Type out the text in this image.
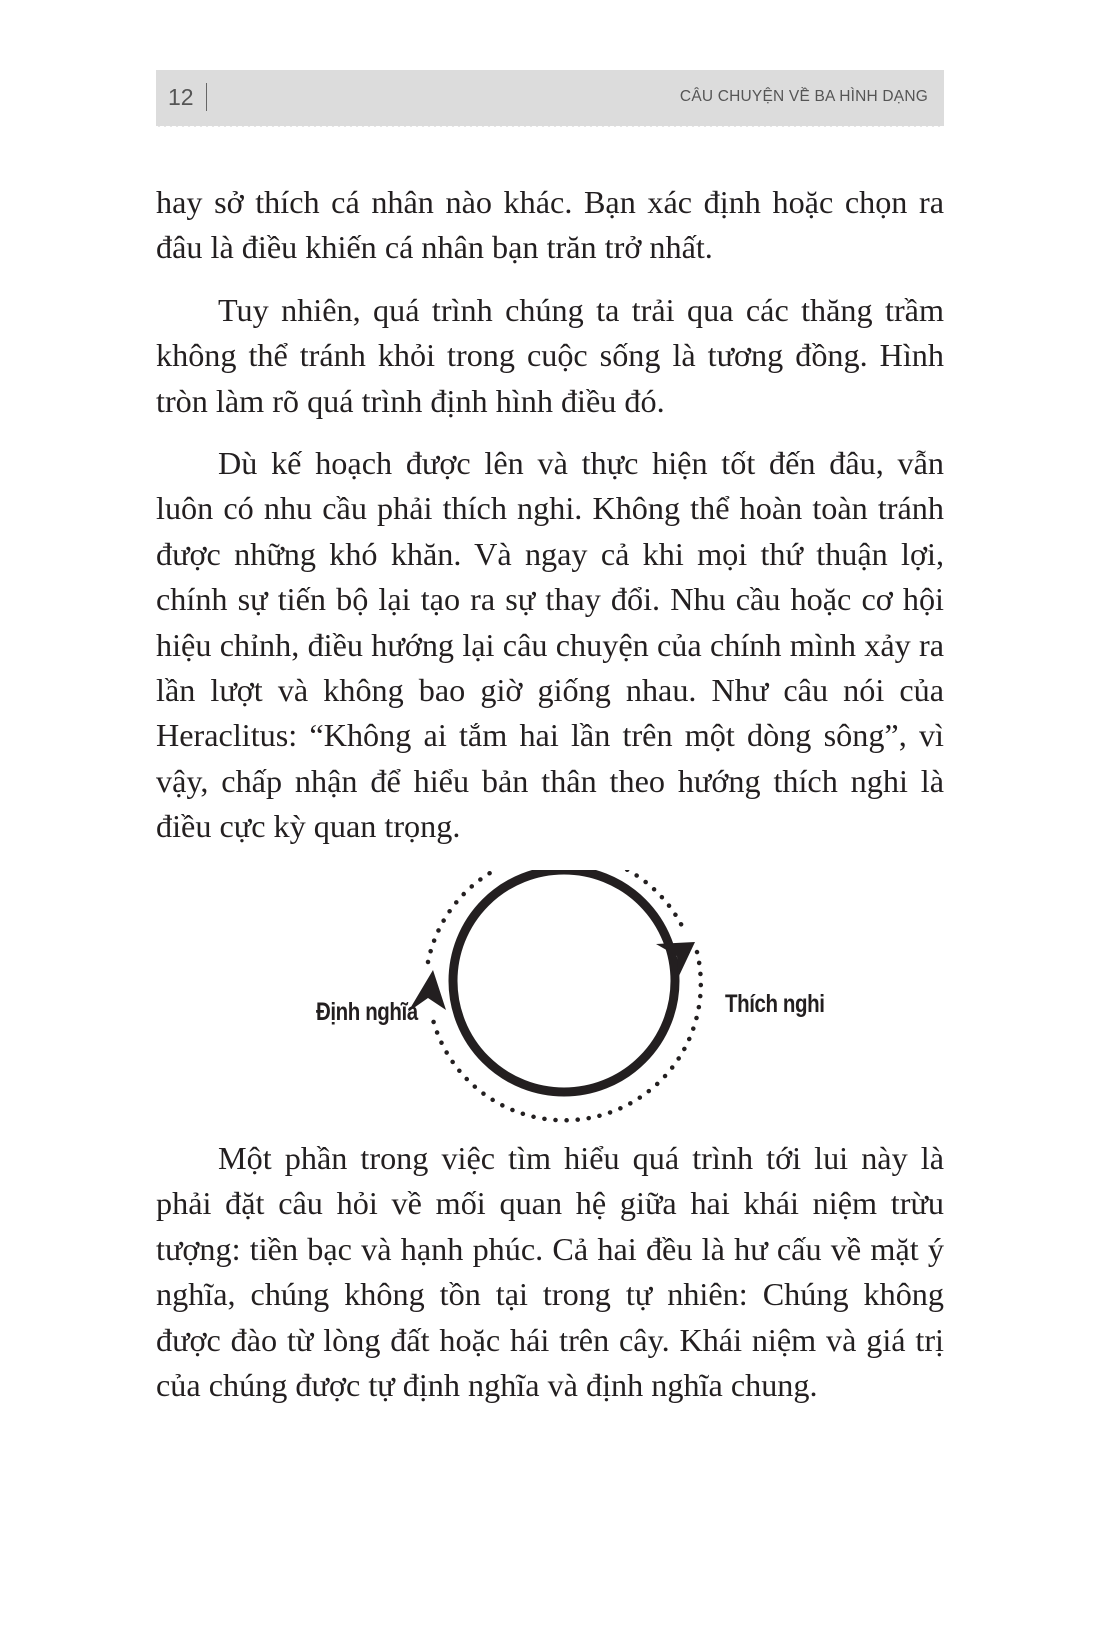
12	CÂU CHUYỆN VỀ BA HÌNH DẠNG

hay sở thích cá nhân nào khác. Bạn xác định hoặc chọn ra đâu là điều khiến cá nhân bạn trăn trở nhất.

Tuy nhiên, quá trình chúng ta trải qua các thăng trầm không thể tránh khỏi trong cuộc sống là tương đồng. Hình tròn làm rõ quá trình định hình điều đó.

Dù kế hoạch được lên và thực hiện tốt đến đâu, vẫn luôn có nhu cầu phải thích nghi. Không thể hoàn toàn tránh được những khó khăn. Và ngay cả khi mọi thứ thuận lợi, chính sự tiến bộ lại tạo ra sự thay đổi. Nhu cầu hoặc cơ hội hiệu chỉnh, điều hướng lại câu chuyện của chính mình xảy ra lần lượt và không bao giờ giống nhau. Như câu nói của Heraclitus: “Không ai tắm hai lần trên một dòng sông”, vì vậy, chấp nhận để hiểu bản thân theo hướng thích nghi là điều cực kỳ quan trọng.

Định nghĩa	Thích nghi

Một phần trong việc tìm hiểu quá trình tới lui này là phải đặt câu hỏi về mối quan hệ giữa hai khái niệm trừu tượng: tiền bạc và hạnh phúc. Cả hai đều là hư cấu về mặt ý nghĩa, chúng không tồn tại trong tự nhiên: Chúng không được đào từ lòng đất hoặc hái trên cây. Khái niệm và giá trị của chúng được tự định nghĩa và định nghĩa chung.
